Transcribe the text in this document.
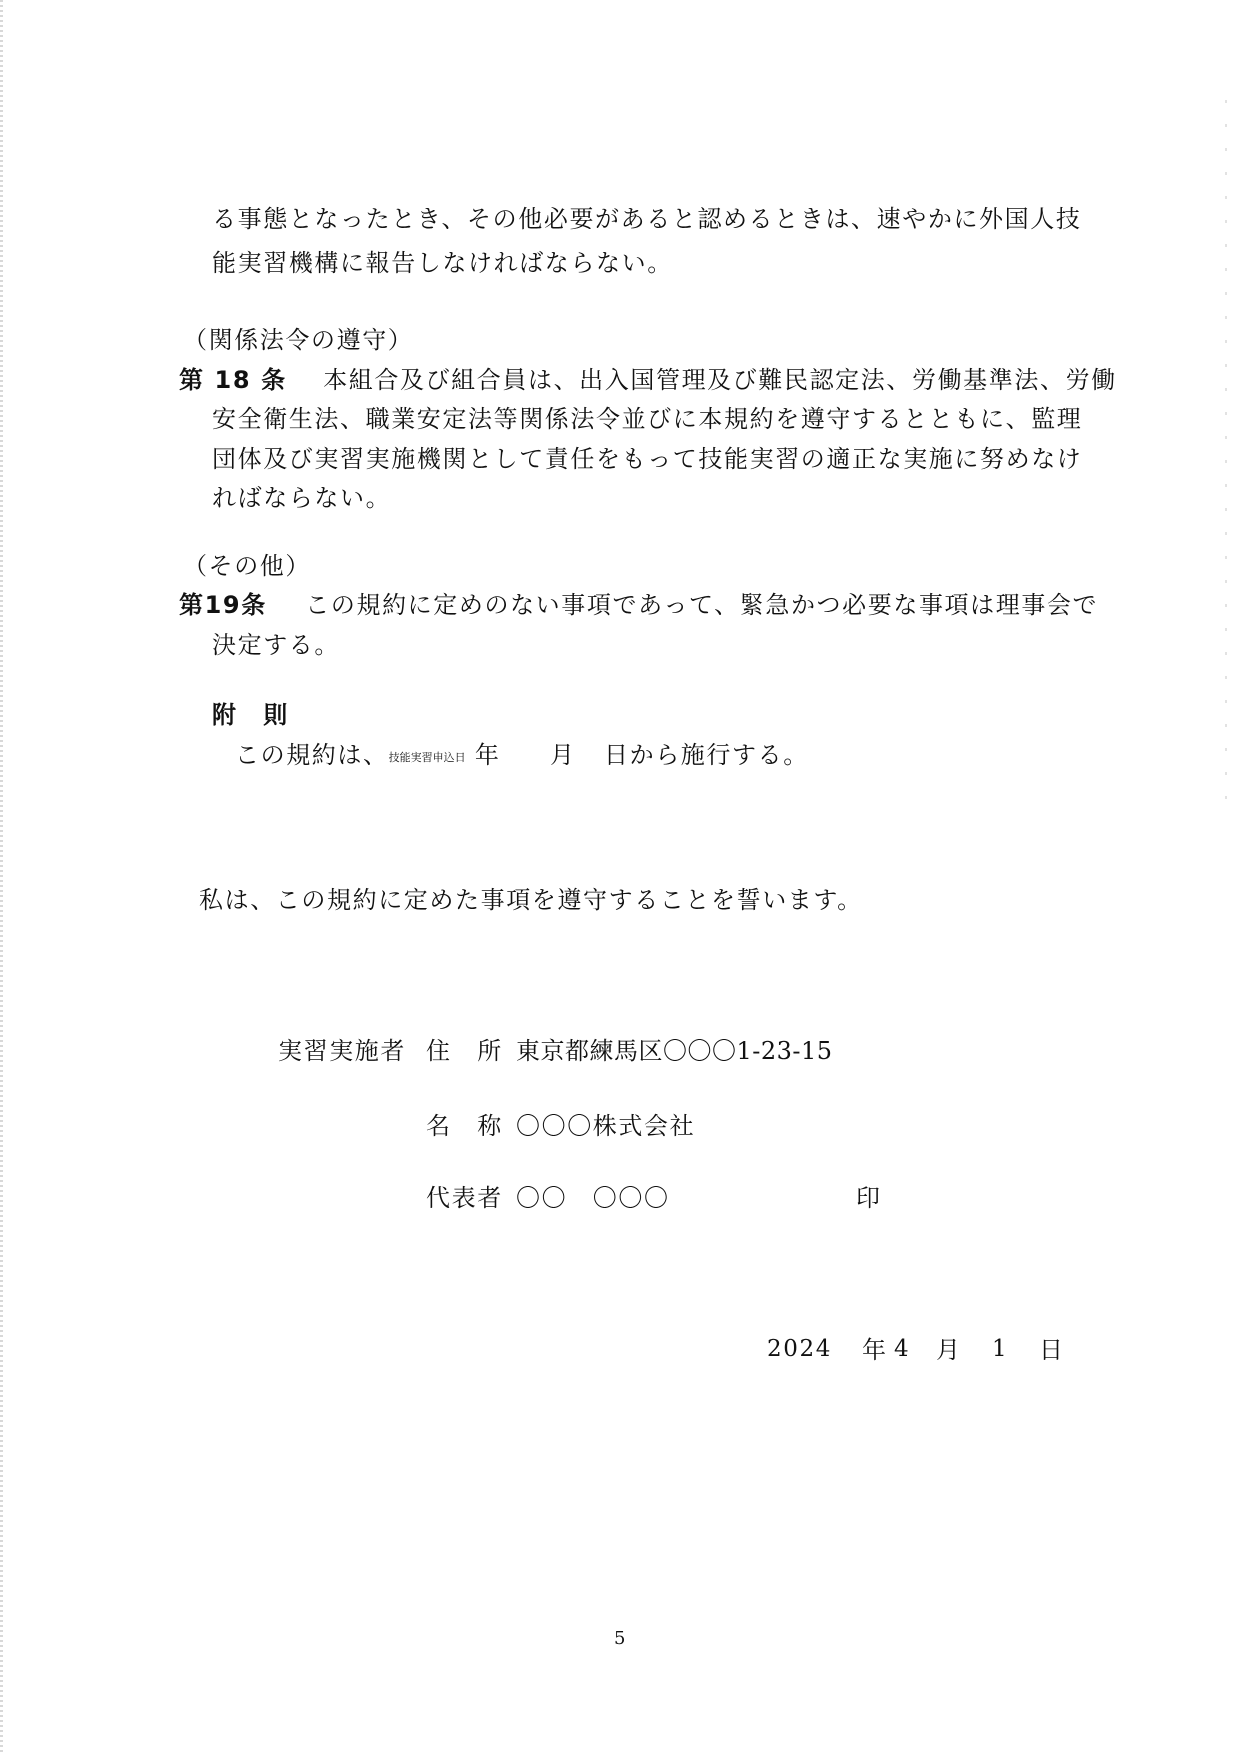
る事態となったとき、その他必要があると認めるときは、速やかに外国人技
能実習機構に報告しなければならない。
（関係法令の遵守）
第 18 条 本組合及び組合員は、出入国管理及び難民認定法、労働基準法、労働
安全衛生法、職業安定法等関係法令並びに本規約を遵守するとともに、監理
団体及び実習実施機関として責任をもって技能実習の適正な実施に努めなけ
ればならない。
（その他）
第19条 この規約に定めのない事項であって、緊急かつ必要な事項は理事会で
決定する。
附　則
この規約は、技能実習申込日 年 月 日から施行する。
私は、この規約に定めた事項を遵守することを誓います。
実習実施者 住　所 東京都練馬区〇〇〇1-23-15
名　称 〇〇〇株式会社
代表者 〇〇　〇〇〇	印
2024 年 4 月 1 日
5
